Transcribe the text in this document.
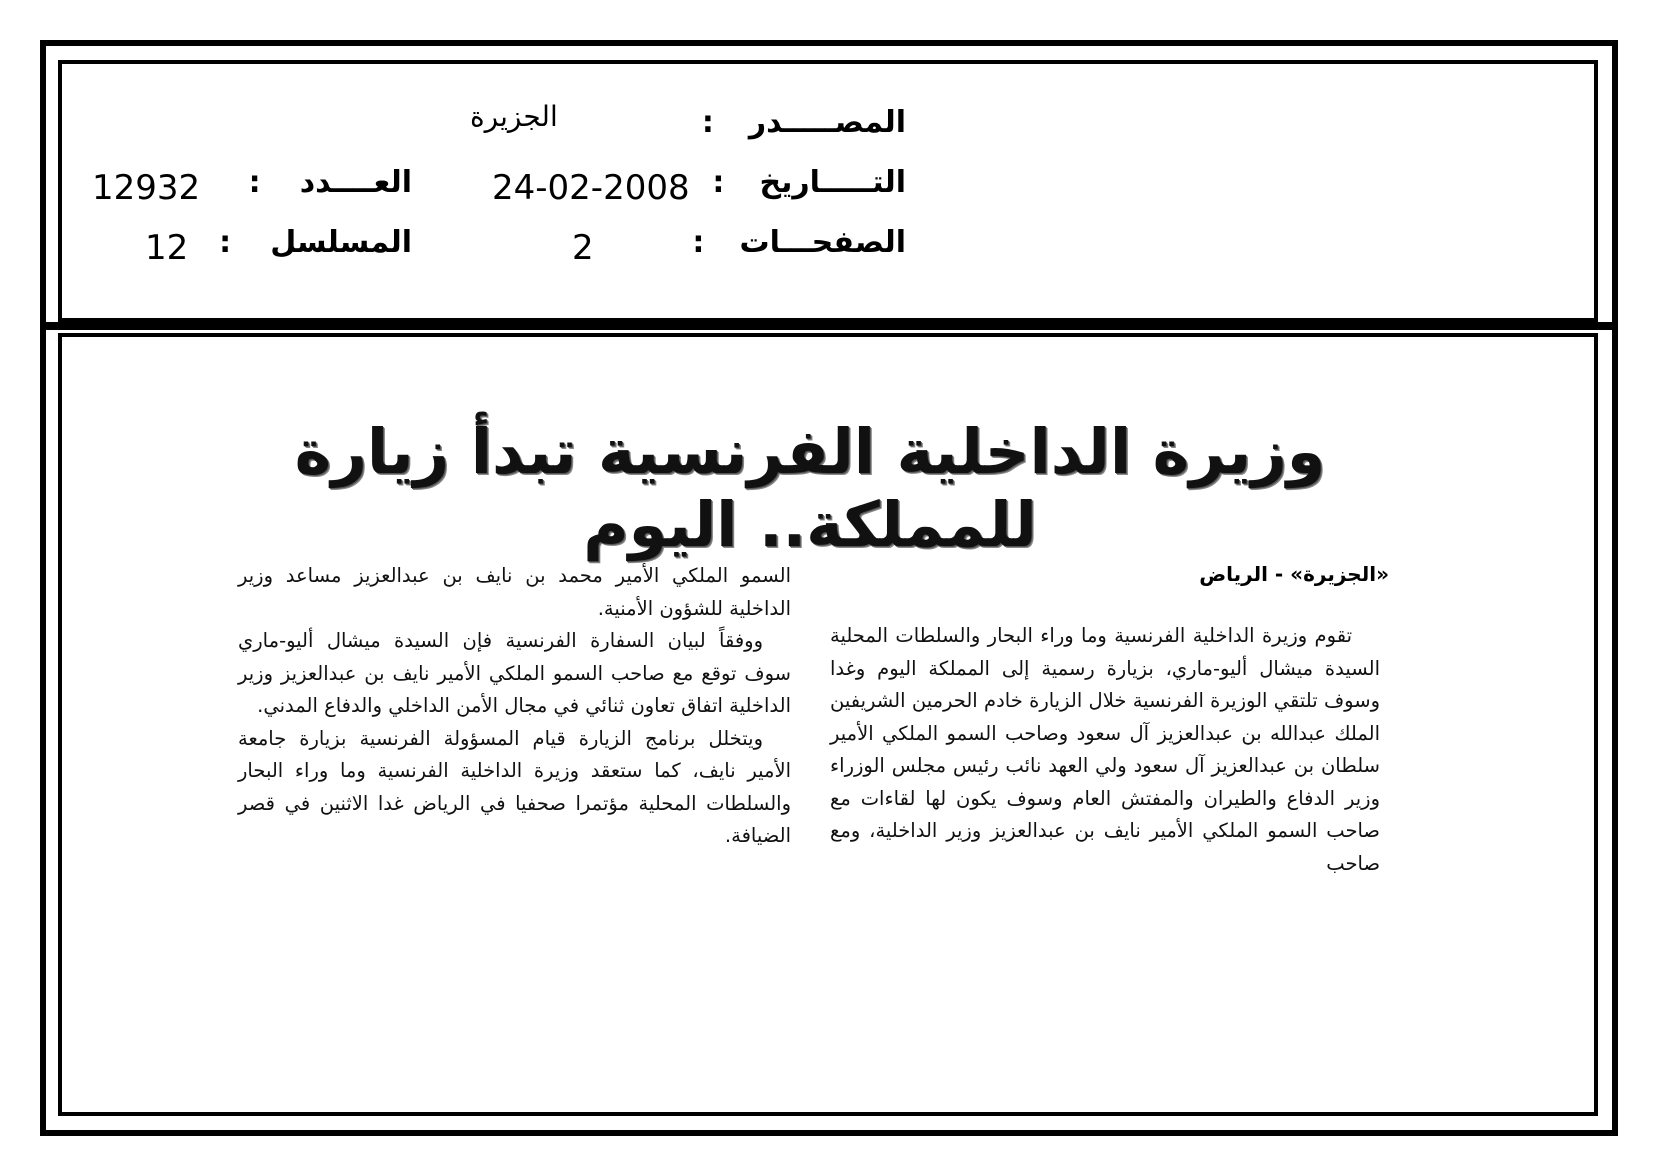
المصـــــدر :
الجزيرة
التـــــاريخ :
24-02-2008
العــــدد :
12932
الصفحـــات :
2
المسلسل :
12
وزيرة الداخلية الفرنسية تبدأ زيارة للمملكة.. اليوم
«الجزيرة» - الرياض

تقوم وزيرة الداخلية الفرنسية وما وراء البحار والسلطات المحلية السيدة ميشال أليو-ماري، بزيارة رسمية إلى المملكة اليوم وغدا وسوف تلتقي الوزيرة الفرنسية خلال الزيارة خادم الحرمين الشريفين الملك عبدالله بن عبدالعزيز آل سعود وصاحب السمو الملكي الأمير سلطان بن عبدالعزيز آل سعود ولي العهد نائب رئيس مجلس الوزراء وزير الدفاع والطيران والمفتش العام وسوف يكون لها لقاءات مع صاحب السمو الملكي الأمير نايف بن عبدالعزيز وزير الداخلية، ومع صاحب

السمو الملكي الأمير محمد بن نايف بن عبدالعزيز مساعد وزير الداخلية للشؤون الأمنية.

ووفقاً لبيان السفارة الفرنسية فإن السيدة ميشال أليو-ماري سوف توقع مع صاحب السمو الملكي الأمير نايف بن عبدالعزيز وزير الداخلية اتفاق تعاون ثنائي في مجال الأمن الداخلي والدفاع المدني.

ويتخلل برنامج الزيارة قيام المسؤولة الفرنسية بزيارة جامعة الأمير نايف، كما ستعقد وزيرة الداخلية الفرنسية وما وراء البحار والسلطات المحلية مؤتمرا صحفيا في الرياض غدا الاثنين في قصر الضيافة.
